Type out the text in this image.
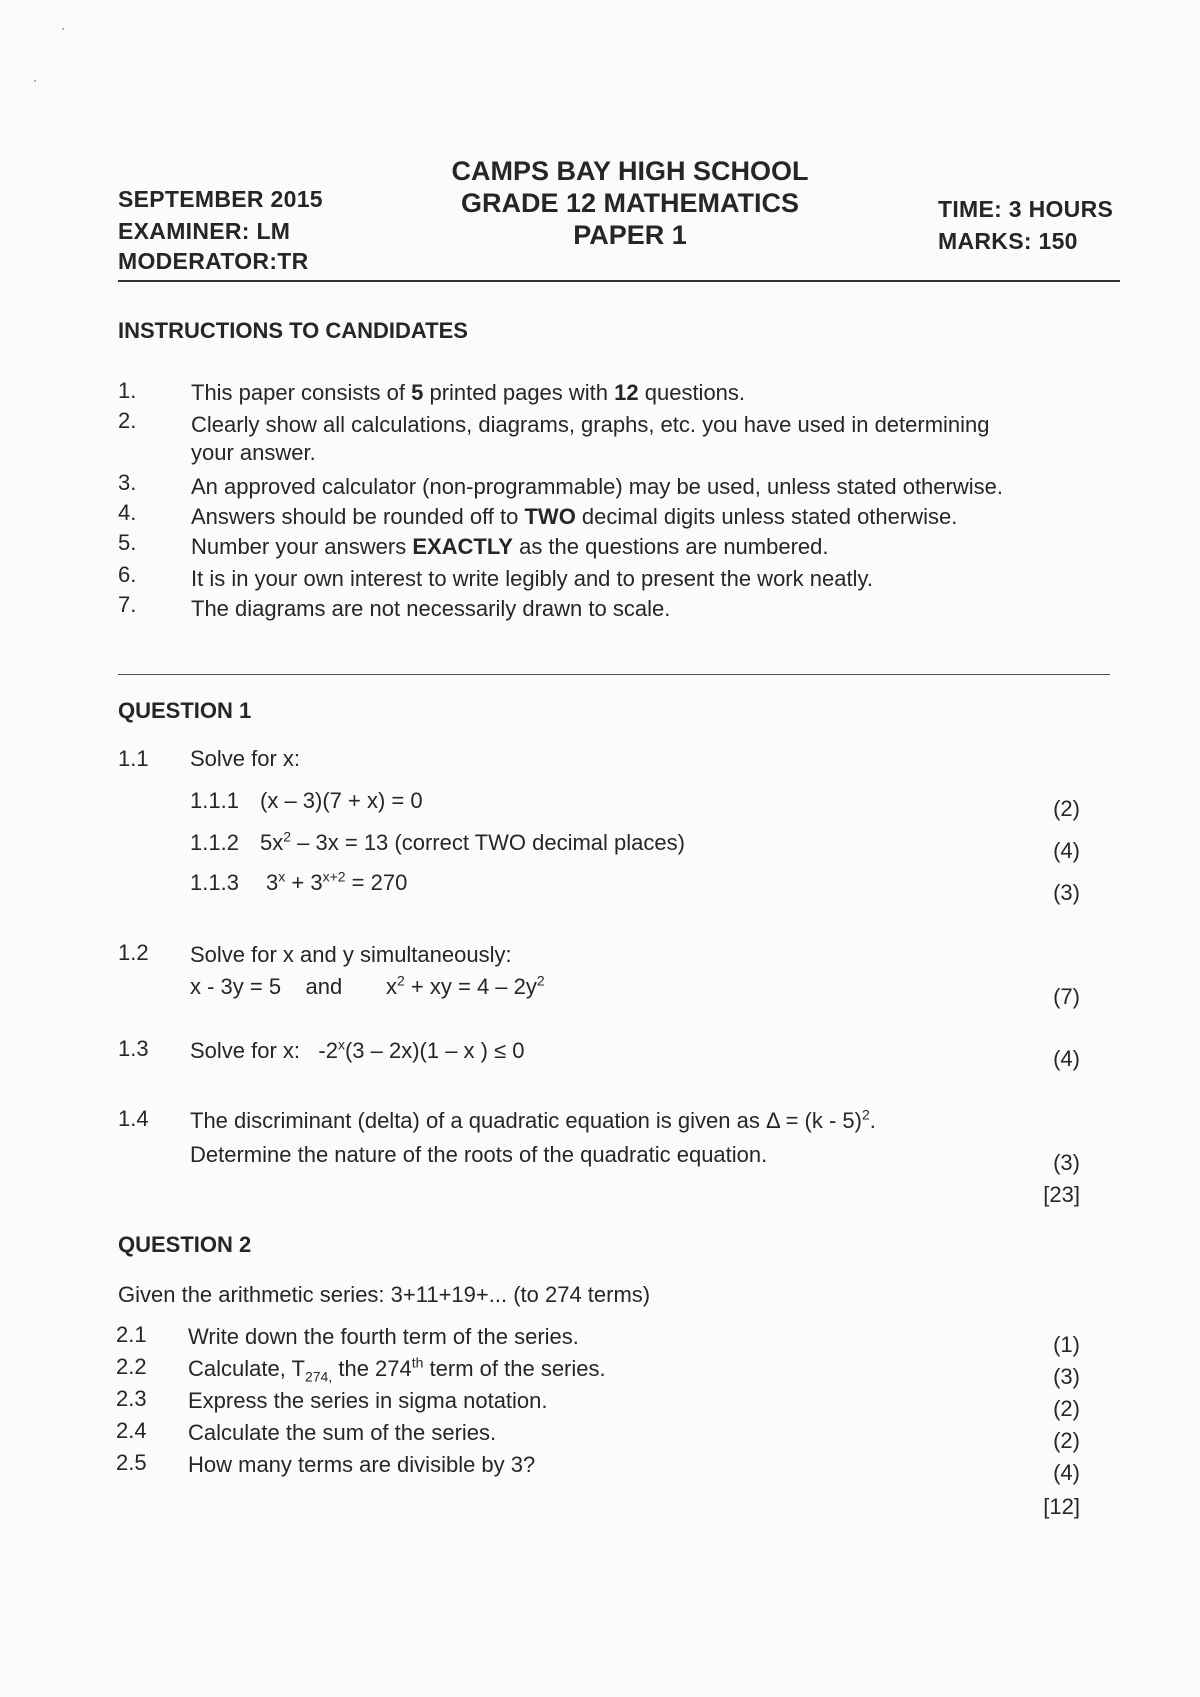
SEPTEMBER 2015
EXAMINER: LM
MODERATOR:TR
CAMPS BAY HIGH SCHOOL
GRADE 12 MATHEMATICS
PAPER 1
TIME: 3 HOURS
MARKS: 150
INSTRUCTIONS TO CANDIDATES
1. This paper consists of 5 printed pages with 12 questions.
2. Clearly show all calculations, diagrams, graphs, etc. you have used in determining
your answer.
3. An approved calculator (non-programmable) may be used, unless stated otherwise.
4. Answers should be rounded off to TWO decimal digits unless stated otherwise.
5. Number your answers EXACTLY as the questions are numbered.
6. It is in your own interest to write legibly and to present the work neatly.
7. The diagrams are not necessarily drawn to scale.
QUESTION 1
1.1 Solve for x:
1.1.1 (x – 3)(7 + x) = 0	(2)
1.1.2 $5x^2 - 3x = 13$ (correct TWO decimal places)	(4)
1.1.3 $3^x + 3^{x+2} = 270$	(3)
1.2 Solve for x and y simultaneously:
x - 3y = 5    and $x^2$ + xy = $4 - 2y^2$
(7)
1.3 Solve for x:   -2$^x$(3 – 2x)(1 – x ) ≤ 0	(4)
1.4 The discriminant (delta) of a quadratic equation is given as Δ = (k - 5)$^2$.
Determine the nature of the roots of the quadratic equation.	(3)
[23]
QUESTION 2
Given the arithmetic series: 3+11+19+... (to 274 terms)
2.1 Write down the fourth term of the series.	(1)
2.2 Calculate, $T_{274,}$ the 274th term of the series.	(3)
2.3 Express the series in sigma notation.	(2)
2.4 Calculate the sum of the series.	(2)
2.5 How many terms are divisible by 3?	(4)
[12]
